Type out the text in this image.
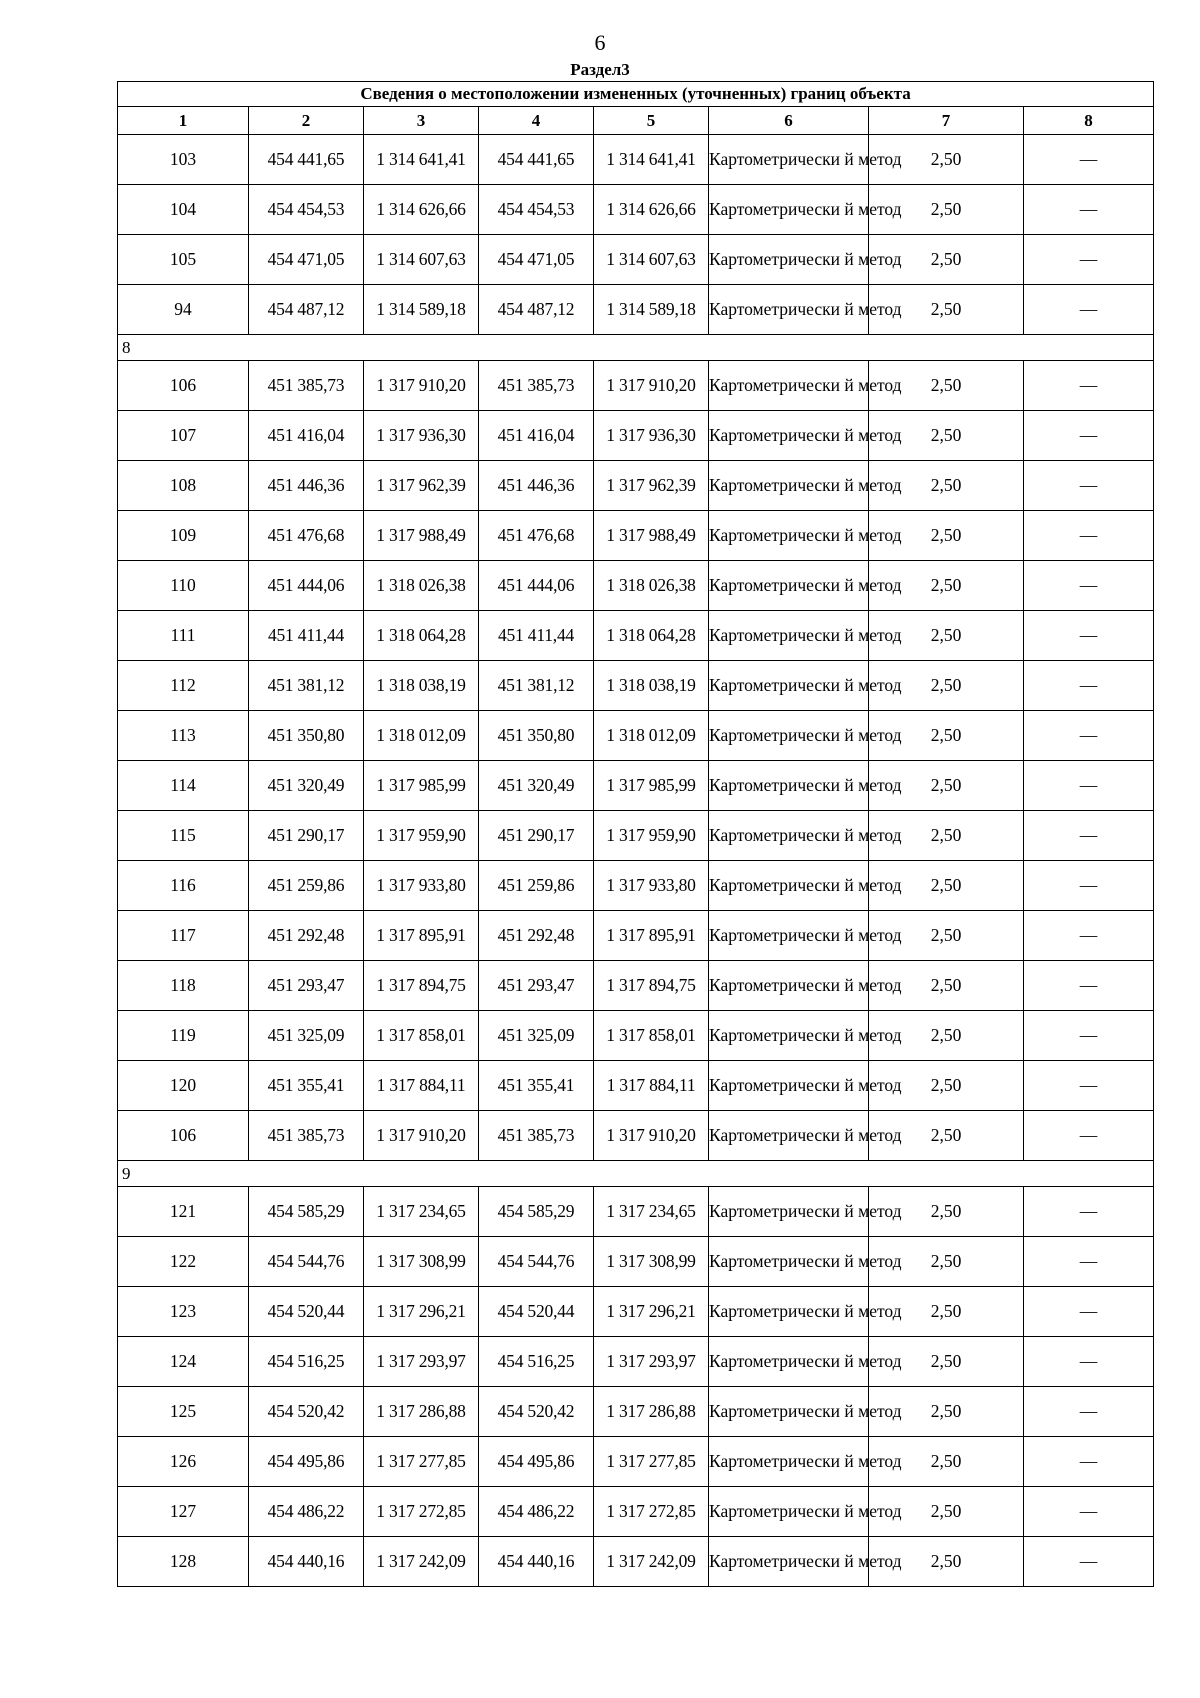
6
Раздел3
Сведения о местоположении измененных (уточненных) границ объекта							
1	2	3	4	5	6	7	8
103	454 441,65	1 314 641,41	454 441,65	1 314 641,41	Картометрически й метод	2,50	—
104	454 454,53	1 314 626,66	454 454,53	1 314 626,66	Картометрически й метод	2,50	—
105	454 471,05	1 314 607,63	454 471,05	1 314 607,63	Картометрически й метод	2,50	—
94	454 487,12	1 314 589,18	454 487,12	1 314 589,18	Картометрически й метод	2,50	—
8							
106	451 385,73	1 317 910,20	451 385,73	1 317 910,20	Картометрически й метод	2,50	—
107	451 416,04	1 317 936,30	451 416,04	1 317 936,30	Картометрически й метод	2,50	—
108	451 446,36	1 317 962,39	451 446,36	1 317 962,39	Картометрически й метод	2,50	—
109	451 476,68	1 317 988,49	451 476,68	1 317 988,49	Картометрически й метод	2,50	—
110	451 444,06	1 318 026,38	451 444,06	1 318 026,38	Картометрически й метод	2,50	—
111	451 411,44	1 318 064,28	451 411,44	1 318 064,28	Картометрически й метод	2,50	—
112	451 381,12	1 318 038,19	451 381,12	1 318 038,19	Картометрически й метод	2,50	—
113	451 350,80	1 318 012,09	451 350,80	1 318 012,09	Картометрически й метод	2,50	—
114	451 320,49	1 317 985,99	451 320,49	1 317 985,99	Картометрически й метод	2,50	—
115	451 290,17	1 317 959,90	451 290,17	1 317 959,90	Картометрически й метод	2,50	—
116	451 259,86	1 317 933,80	451 259,86	1 317 933,80	Картометрически й метод	2,50	—
117	451 292,48	1 317 895,91	451 292,48	1 317 895,91	Картометрически й метод	2,50	—
118	451 293,47	1 317 894,75	451 293,47	1 317 894,75	Картометрически й метод	2,50	—
119	451 325,09	1 317 858,01	451 325,09	1 317 858,01	Картометрически й метод	2,50	—
120	451 355,41	1 317 884,11	451 355,41	1 317 884,11	Картометрически й метод	2,50	—
106	451 385,73	1 317 910,20	451 385,73	1 317 910,20	Картометрически й метод	2,50	—
9							
121	454 585,29	1 317 234,65	454 585,29	1 317 234,65	Картометрически й метод	2,50	—
122	454 544,76	1 317 308,99	454 544,76	1 317 308,99	Картометрически й метод	2,50	—
123	454 520,44	1 317 296,21	454 520,44	1 317 296,21	Картометрически й метод	2,50	—
124	454 516,25	1 317 293,97	454 516,25	1 317 293,97	Картометрически й метод	2,50	—
125	454 520,42	1 317 286,88	454 520,42	1 317 286,88	Картометрически й метод	2,50	—
126	454 495,86	1 317 277,85	454 495,86	1 317 277,85	Картометрически й метод	2,50	—
127	454 486,22	1 317 272,85	454 486,22	1 317 272,85	Картометрически й метод	2,50	—
128	454 440,16	1 317 242,09	454 440,16	1 317 242,09	Картометрически й метод	2,50	—
